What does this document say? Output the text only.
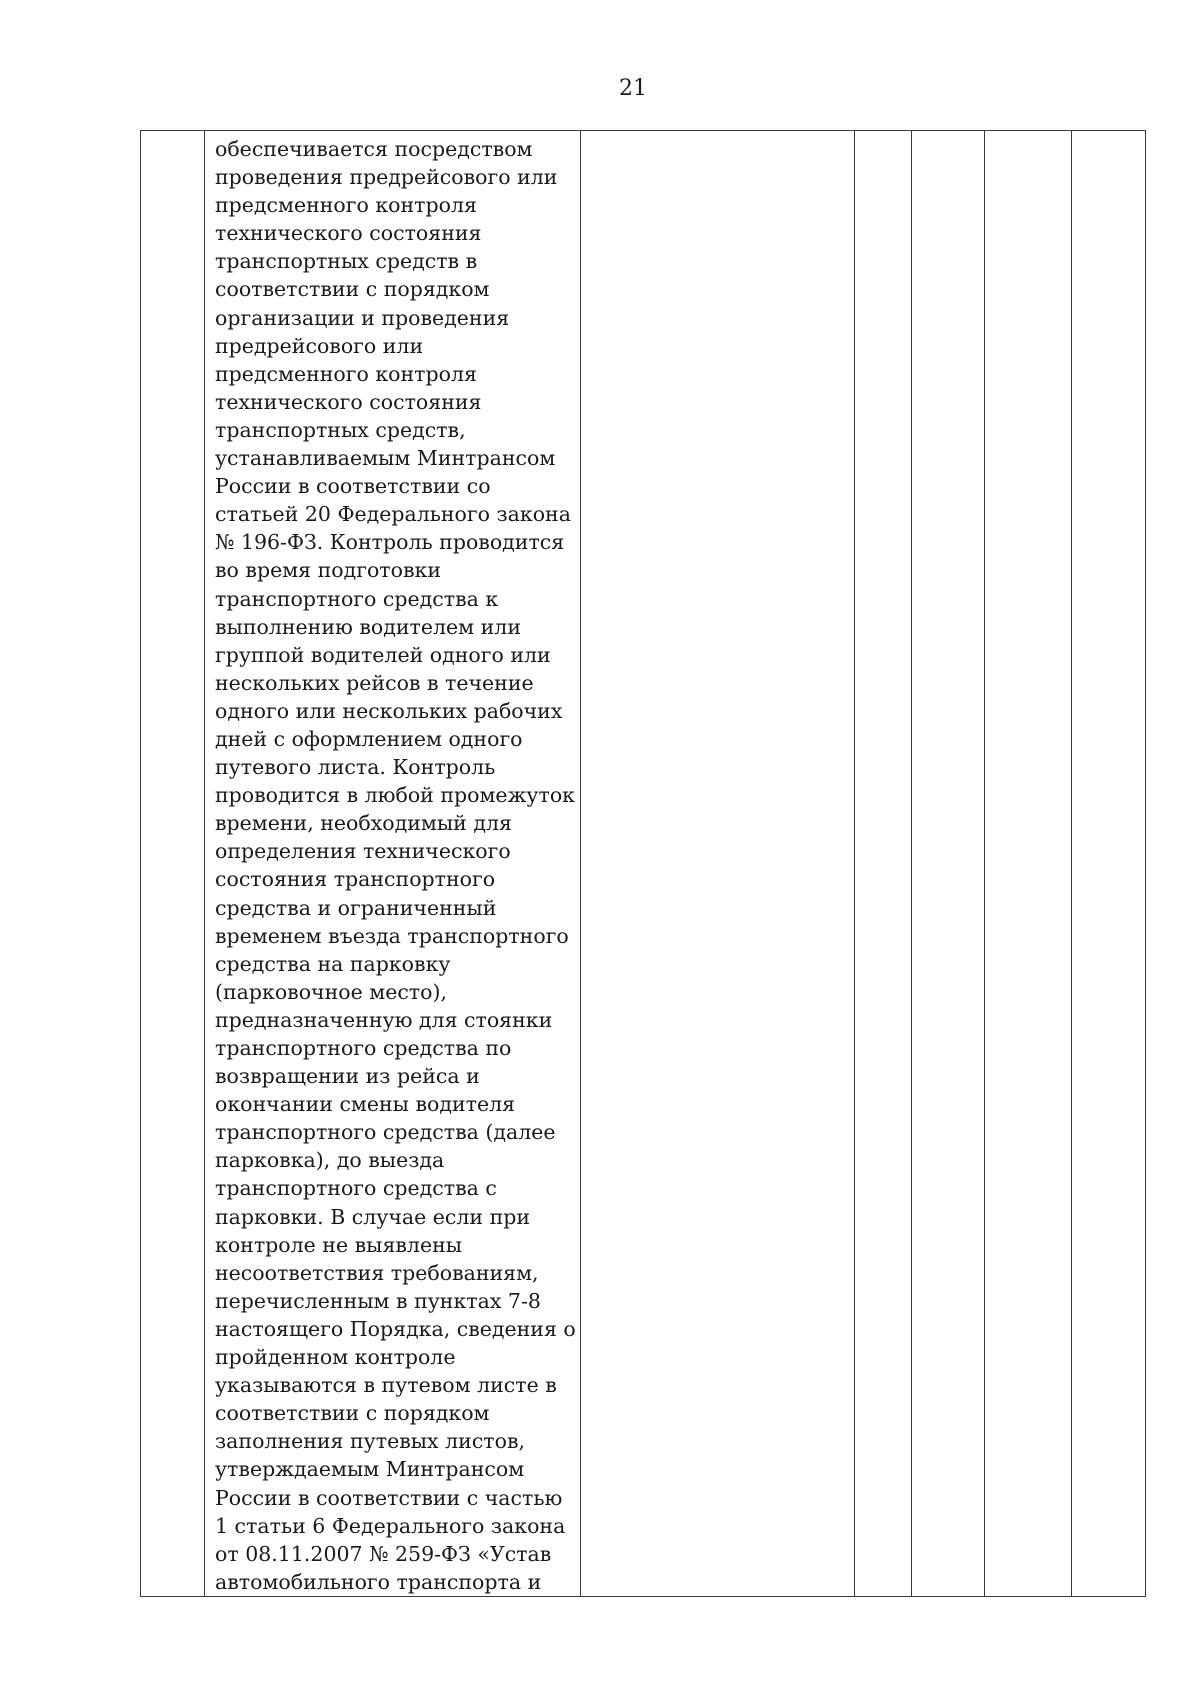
21

обеспечивается посредством
проведения предрейсового или
предсменного контроля
технического состояния
транспортных средств в
соответствии с порядком
организации и проведения
предрейсового или
предсменного контроля
технического состояния
транспортных средств,
устанавливаемым Минтрансом
России в соответствии со
статьей 20 Федерального закона
№ 196-ФЗ. Контроль проводится
во время подготовки
транспортного средства к
выполнению водителем или
группой водителей одного или
нескольких рейсов в течение
одного или нескольких рабочих
дней с оформлением одного
путевого листа. Контроль
проводится в любой промежуток
времени, необходимый для
определения технического
состояния транспортного
средства и ограниченный
временем въезда транспортного
средства на парковку
(парковочное место),
предназначенную для стоянки
транспортного средства по
возвращении из рейса и
окончании смены водителя
транспортного средства (далее
парковка), до выезда
транспортного средства с
парковки. В случае если при
контроле не выявлены
несоответствия требованиям,
перечисленным в пунктах 7-8
настоящего Порядка, сведения о
пройденном контроле
указываются в путевом листе в
соответствии с порядком
заполнения путевых листов,
утверждаемым Минтрансом
России в соответствии с частью
1 статьи 6 Федерального закона
от 08.11.2007 № 259-ФЗ «Устав
автомобильного транспорта и
